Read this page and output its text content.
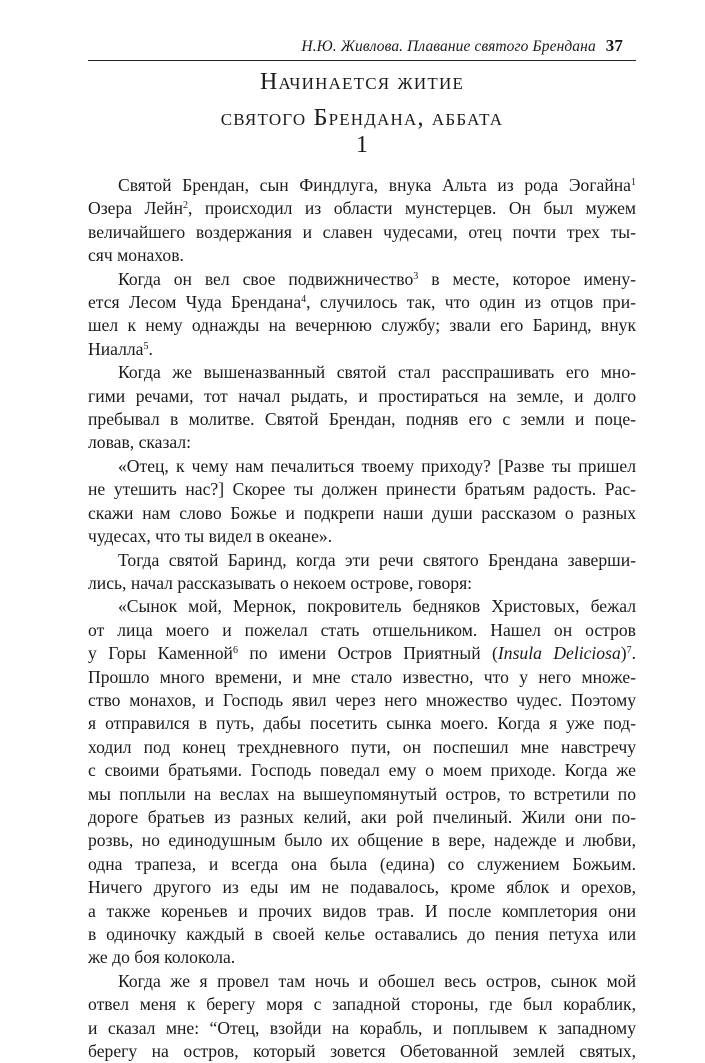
Н.Ю. Живлова. Плавание святого Брендана 37
Начинается житие
святого Брендана, аббата
1

Святой Брендан, сын Финдлуга, внука Альта из рода Эогайна$^1$
Озера Лейн$^2$, происходил из области мунстерцев. Он был мужем
величайшего воздержания и славен чудесами, отец почти трех ты-
сяч монахов.

Когда он вел свое подвижничество$^3$ в месте, которое имену-
ется Лесом Чуда Брендана$^4$, случилось так, что один из отцов при-
шел к нему однажды на вечернюю службу; звали его Баринд, внук
Ниалла$^5$.

Когда же вышеназванный святой стал расспрашивать его мно-
гими речами, тот начал рыдать, и простираться на земле, и долго
пребывал в молитве. Святой Брендан, подняв его с земли и поце-
ловав, сказал:

«Отец, к чему нам печалиться твоему приходу? [Разве ты пришел
не утешить нас?] Скорее ты должен принести братьям радость. Рас-
скажи нам слово Божье и подкрепи наши души рассказом о разных
чудесах, что ты видел в океане».

Тогда святой Баринд, когда эти речи святого Брендана заверши-
лись, начал рассказывать о некоем острове, говоря:

«Сынок мой, Мернок, покровитель бедняков Христовых, бежал
от лица моего и пожелал стать отшельником. Нашел он остров
у Горы Каменной$^6$ по имени Остров Приятный (Insula Deliciosa)$^7$.
Прошло много времени, и мне стало известно, что у него множе-
ство монахов, и Господь явил через него множество чудес. Поэтому
я отправился в путь, дабы посетить сынка моего. Когда я уже под-
ходил под конец трехдневного пути, он поспешил мне навстречу
с своими братьями. Господь поведал ему о моем приходе. Когда же
мы поплыли на веслах на вышеупомянутый остров, то встретили по
дороге братьев из разных келий, аки рой пчелиный. Жили они по-
розвь, но единодушным было их общение в вере, надежде и любви,
одна трапеза, и всегда она была (едина) со служением Божьим.
Ничего другого из еды им не подавалось, кроме яблок и орехов,
а также кореньев и прочих видов трав. И после комплетория они
в одиночку каждый в своей келье оставались до пения петуха или
же до боя колокола.

Когда же я провел там ночь и обошел весь остров, сынок мой
отвел меня к берегу моря с западной стороны, где был кораблик,
и сказал мне: “Отец, взойди на корабль, и поплывем к западному
берегу на остров, который зовется Обетованной землей святых,
